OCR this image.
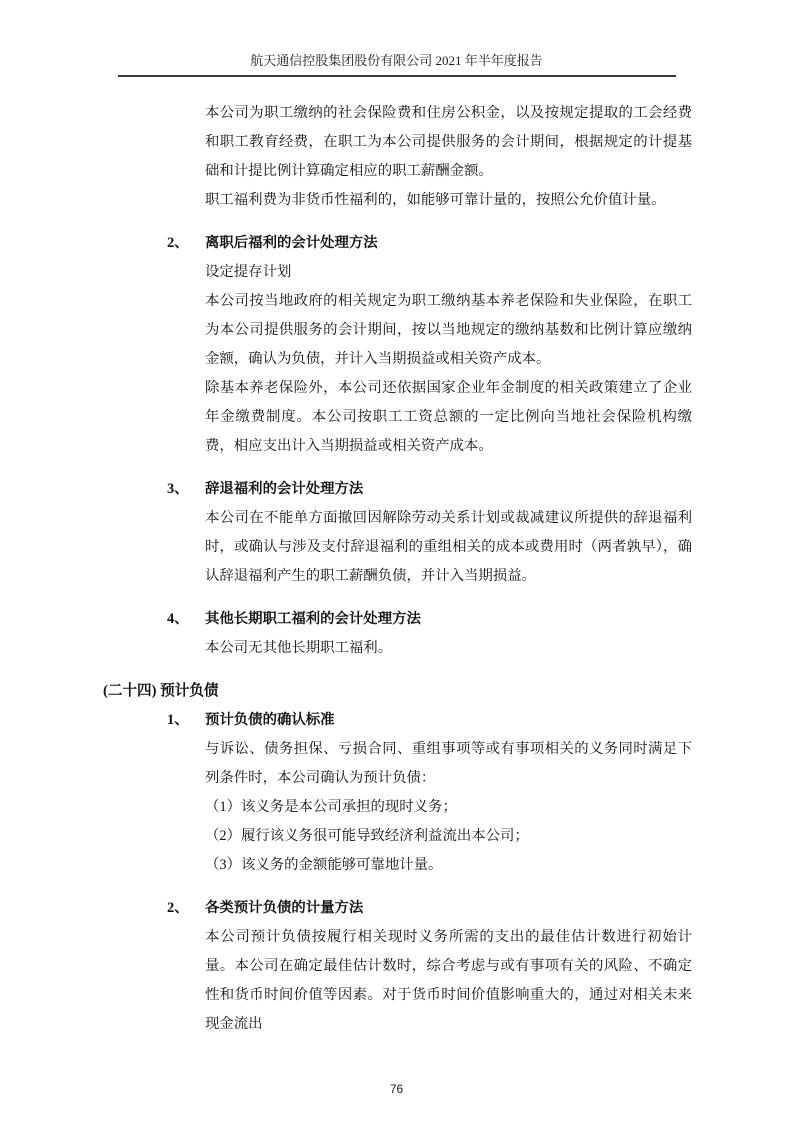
航天通信控股集团股份有限公司 2021 年半年度报告

本公司为职工缴纳的社会保险费和住房公积金，以及按规定提取的工会经费和职工教育经费，在职工为本公司提供服务的会计期间，根据规定的计提基础和计提比例计算确定相应的职工薪酬金额。

职工福利费为非货币性福利的，如能够可靠计量的，按照公允价值计量。

2、	离职后福利的会计处理方法

设定提存计划

本公司按当地政府的相关规定为职工缴纳基本养老保险和失业保险，在职工为本公司提供服务的会计期间，按以当地规定的缴纳基数和比例计算应缴纳金额，确认为负债，并计入当期损益或相关资产成本。

除基本养老保险外，本公司还依据国家企业年金制度的相关政策建立了企业年金缴费制度。本公司按职工工资总额的一定比例向当地社会保险机构缴费，相应支出计入当期损益或相关资产成本。

3、	辞退福利的会计处理方法

本公司在不能单方面撤回因解除劳动关系计划或裁减建议所提供的辞退福利时，或确认与涉及支付辞退福利的重组相关的成本或费用时（两者孰早），确认辞退福利产生的职工薪酬负债，并计入当期损益。

4、	其他长期职工福利的会计处理方法

本公司无其他长期职工福利。

(二十四) 预计负债
1、	预计负债的确认标准

与诉讼、债务担保、亏损合同、重组事项等或有事项相关的义务同时满足下列条件时，本公司确认为预计负债：

（1）该义务是本公司承担的现时义务；

（2）履行该义务很可能导致经济利益流出本公司；

（3）该义务的金额能够可靠地计量。

2、	各类预计负债的计量方法

本公司预计负债按履行相关现时义务所需的支出的最佳估计数进行初始计量。本公司在确定最佳估计数时，综合考虑与或有事项有关的风险、不确定性和货币时间价值等因素。对于货币时间价值影响重大的，通过对相关未来现金流出

76
